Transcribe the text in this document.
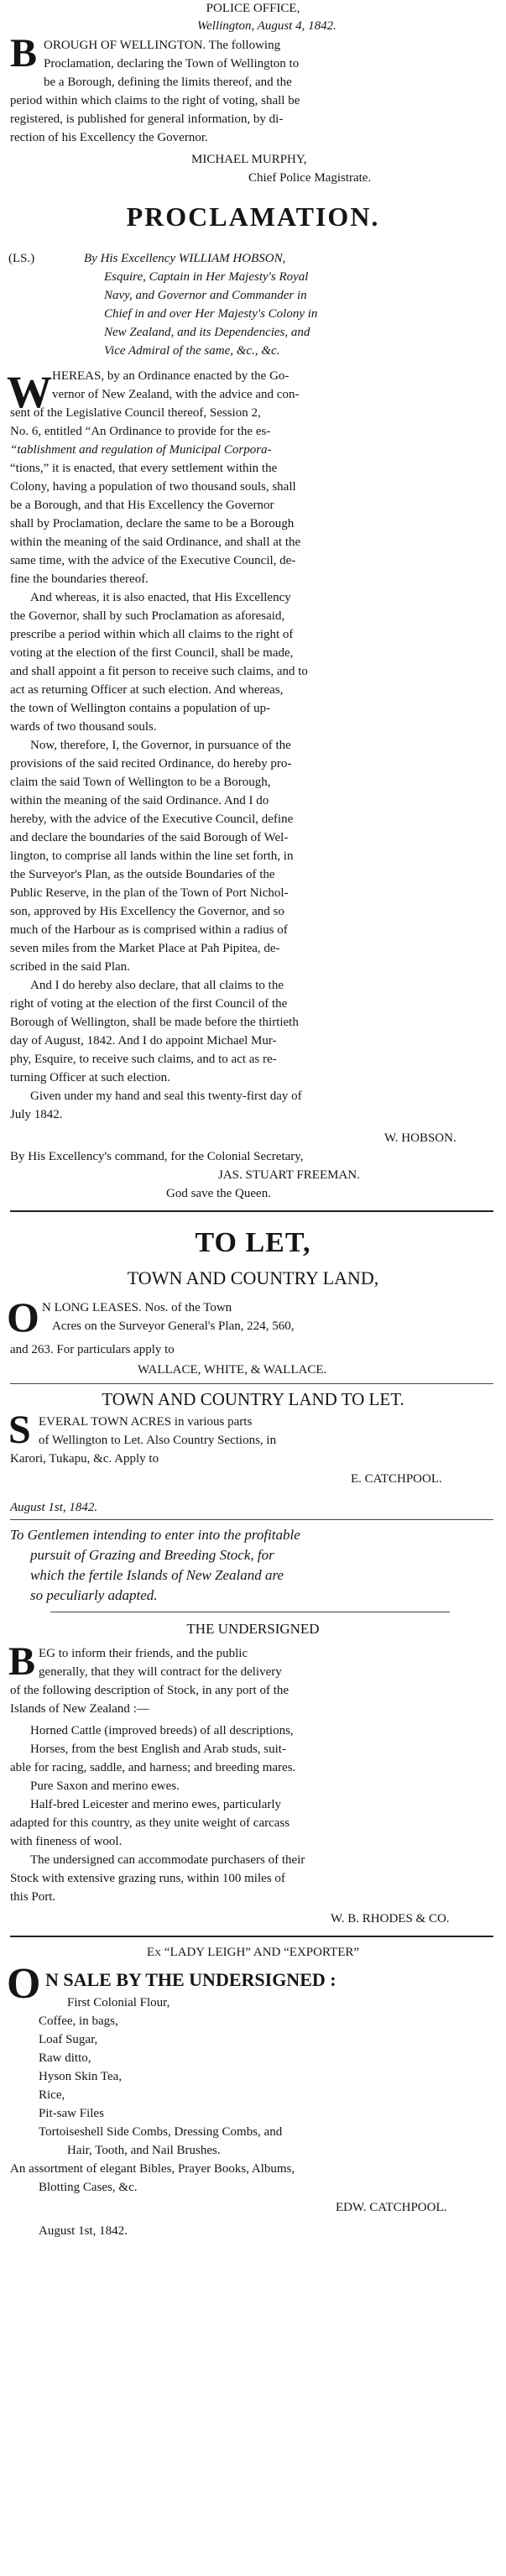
POLICE OFFICE,

Wellington, August 4, 1842.

B OROUGH OF WELLINGTON. The following

Proclamation, declaring the Town of Wellington to

be a Borough, defining the limits thereof, and the

period within which claims to the right of voting, shall be

registered, is published for general information, by di-

rection of his Excellency the Governor.

MICHAEL MURPHY,

Chief Police Magistrate.

PROCLAMATION.

(LS.)	By His Excellency WILLIAM HOBSON,

Esquire, Captain in Her Majesty's Royal

Navy, and Governor and Commander in

Chief in and over Her Majesty's Colony in

New Zealand, and its Dependencies, and

Vice Admiral of the same, &c., &c.

W HEREAS, by an Ordinance enacted by the Go-

vernor of New Zealand, with the advice and con-

sent of the Legislative Council thereof, Session 2,

No. 6, entitled “An Ordinance to provide for the es-

“tablishment and regulation of Municipal Corpora-

“tions,” it is enacted, that every settlement within the

Colony, having a population of two thousand souls, shall

be a Borough, and that His Excellency the Governor

shall by Proclamation, declare the same to be a Borough

within the meaning of the said Ordinance, and shall at the

same time, with the advice of the Executive Council, de-

fine the boundaries thereof.

And whereas, it is also enacted, that His Excellency

the Governor, shall by such Proclamation as aforesaid,

prescribe a period within which all claims to the right of

voting at the election of the first Council, shall be made,

and shall appoint a fit person to receive such claims, and to

act as returning Officer at such election. And whereas,

the town of Wellington contains a population of up-

wards of two thousand souls.

Now, therefore, I, the Governor, in pursuance of the

provisions of the said recited Ordinance, do hereby pro-

claim the said Town of Wellington to be a Borough,

within the meaning of the said Ordinance. And I do

hereby, with the advice of the Executive Council, define

and declare the boundaries of the said Borough of Wel-

lington, to comprise all lands within the line set forth, in

the Surveyor's Plan, as the outside Boundaries of the

Public Reserve, in the plan of the Town of Port Nichol-

son, approved by His Excellency the Governor, and so

much of the Harbour as is comprised within a radius of

seven miles from the Market Place at Pah Pipitea, de-

scribed in the said Plan.

And I do hereby also declare, that all claims to the

right of voting at the election of the first Council of the

Borough of Wellington, shall be made before the thirtieth

day of August, 1842. And I do appoint Michael Mur-

phy, Esquire, to receive such claims, and to act as re-

turning Officer at such election.

Given under my hand and seal this twenty-first day of

July 1842.

W. HOBSON.

By His Excellency's command, for the Colonial Secretary,

JAS. STUART FREEMAN.

God save the Queen.

TO LET,

TOWN AND COUNTRY LAND,

O N LONG LEASES. Nos. of the Town

Acres on the Surveyor General's Plan, 224, 560,

and 263. For particulars apply to

WALLACE, WHITE, & WALLACE.

TOWN AND COUNTRY LAND TO LET.

S EVERAL TOWN ACRES in various parts

of Wellington to Let. Also Country Sections, in

Karori, Tukapu, &c. Apply to

E. CATCHPOOL.

August 1st, 1842.

To Gentlemen intending to enter into the profitable

pursuit of Grazing and Breeding Stock, for

which the fertile Islands of New Zealand are

so peculiarly adapted.

THE UNDERSIGNED

B EG to inform their friends, and the public

generally, that they will contract for the delivery

of the following description of Stock, in any port of the

Islands of New Zealand :—

Horned Cattle (improved breeds) of all descriptions,

Horses, from the best English and Arab studs, suit-

able for racing, saddle, and harness; and breeding mares.

Pure Saxon and merino ewes.

Half-bred Leicester and merino ewes, particularly

adapted for this country, as they unite weight of carcass

with fineness of wool.

The undersigned can accommodate purchasers of their

Stock with extensive grazing runs, within 100 miles of

this Port.

W. B. RHODES & CO.

Ex “LADY LEIGH” AND “EXPORTER”

O N SALE BY THE UNDERSIGNED :

First Colonial Flour,

Coffee, in bags,

Loaf Sugar,

Raw ditto,

Hyson Skin Tea,

Rice,

Pit-saw Files

Tortoiseshell Side Combs, Dressing Combs, and

Hair, Tooth, and Nail Brushes.

An assortment of elegant Bibles, Prayer Books, Albums,

Blotting Cases, &c.

EDW. CATCHPOOL.

August 1st, 1842.
